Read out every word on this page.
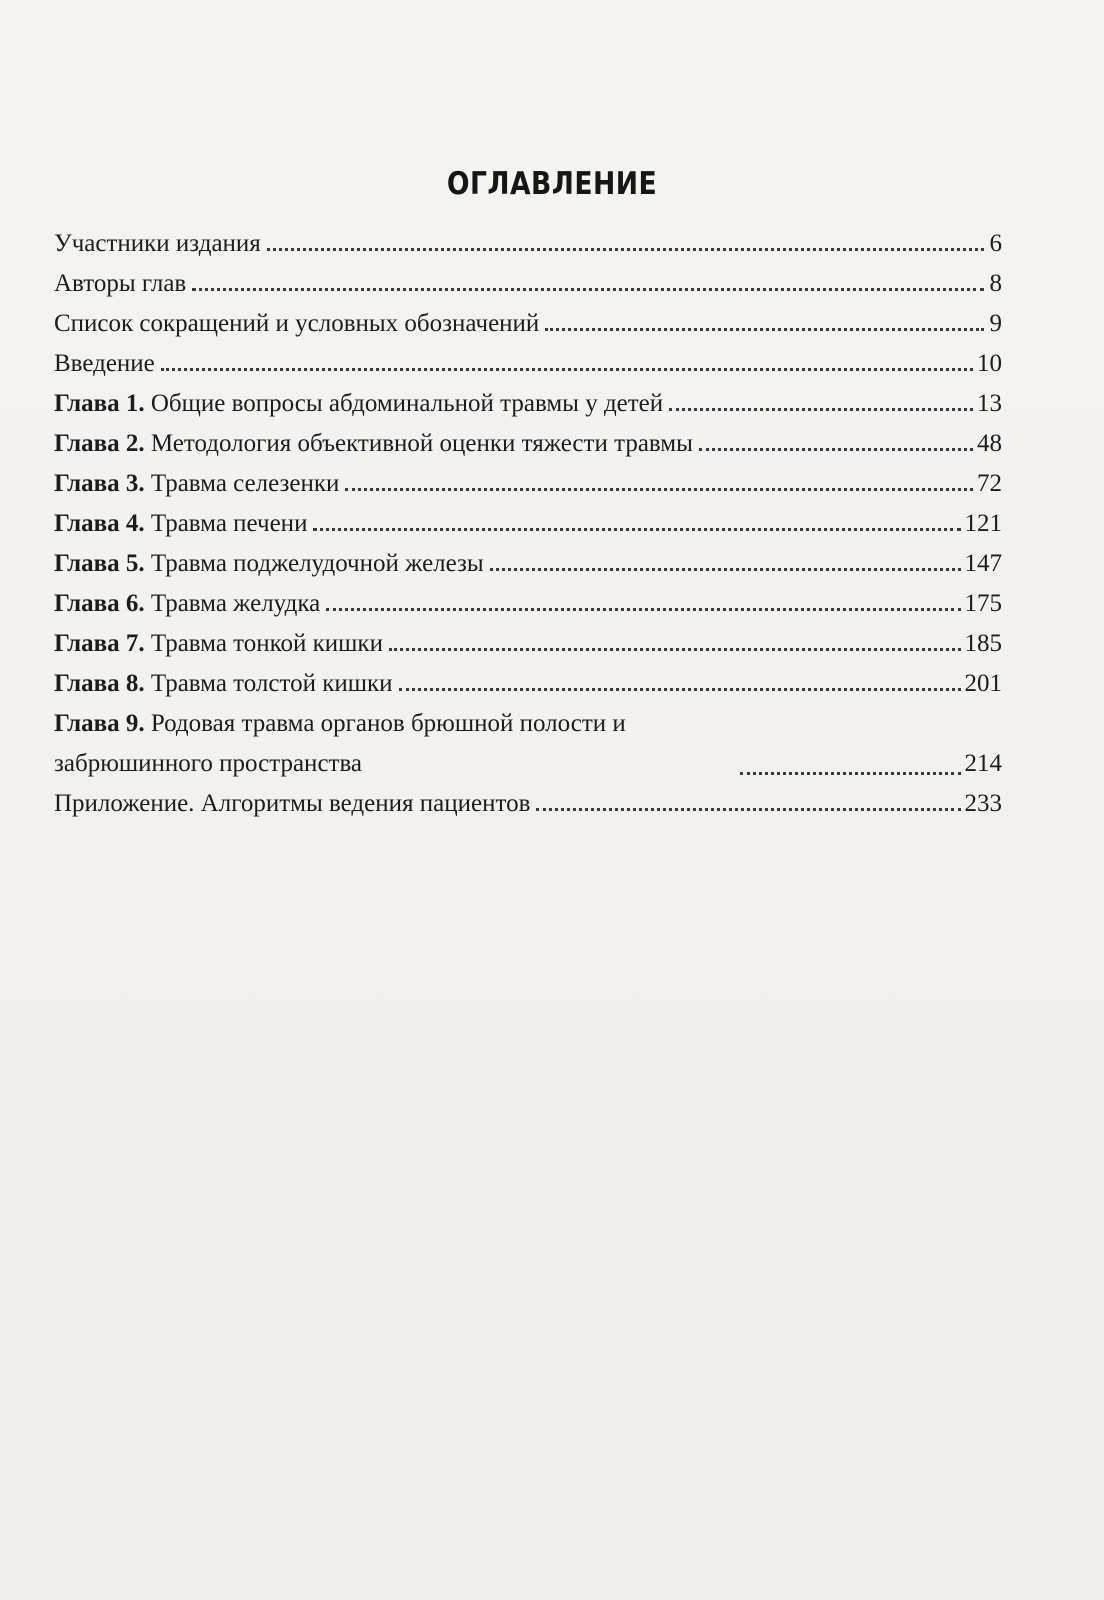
ОГЛАВЛЕНИЕ
Участники издания	6
Авторы глав	8
Список сокращений и условных обозначений	9
Введение	10
Глава 1. Общие вопросы абдоминальной травмы у детей	13
Глава 2. Методология объективной оценки тяжести травмы	48
Глава 3. Травма селезенки	72
Глава 4. Травма печени	121
Глава 5. Травма поджелудочной железы	147
Глава 6. Травма желудка	175
Глава 7. Травма тонкой кишки	185
Глава 8. Травма толстой кишки	201
Глава 9. Родовая травма органов брюшной полости и забрюшинного пространства	214
Приложение. Алгоритмы ведения пациентов	233
